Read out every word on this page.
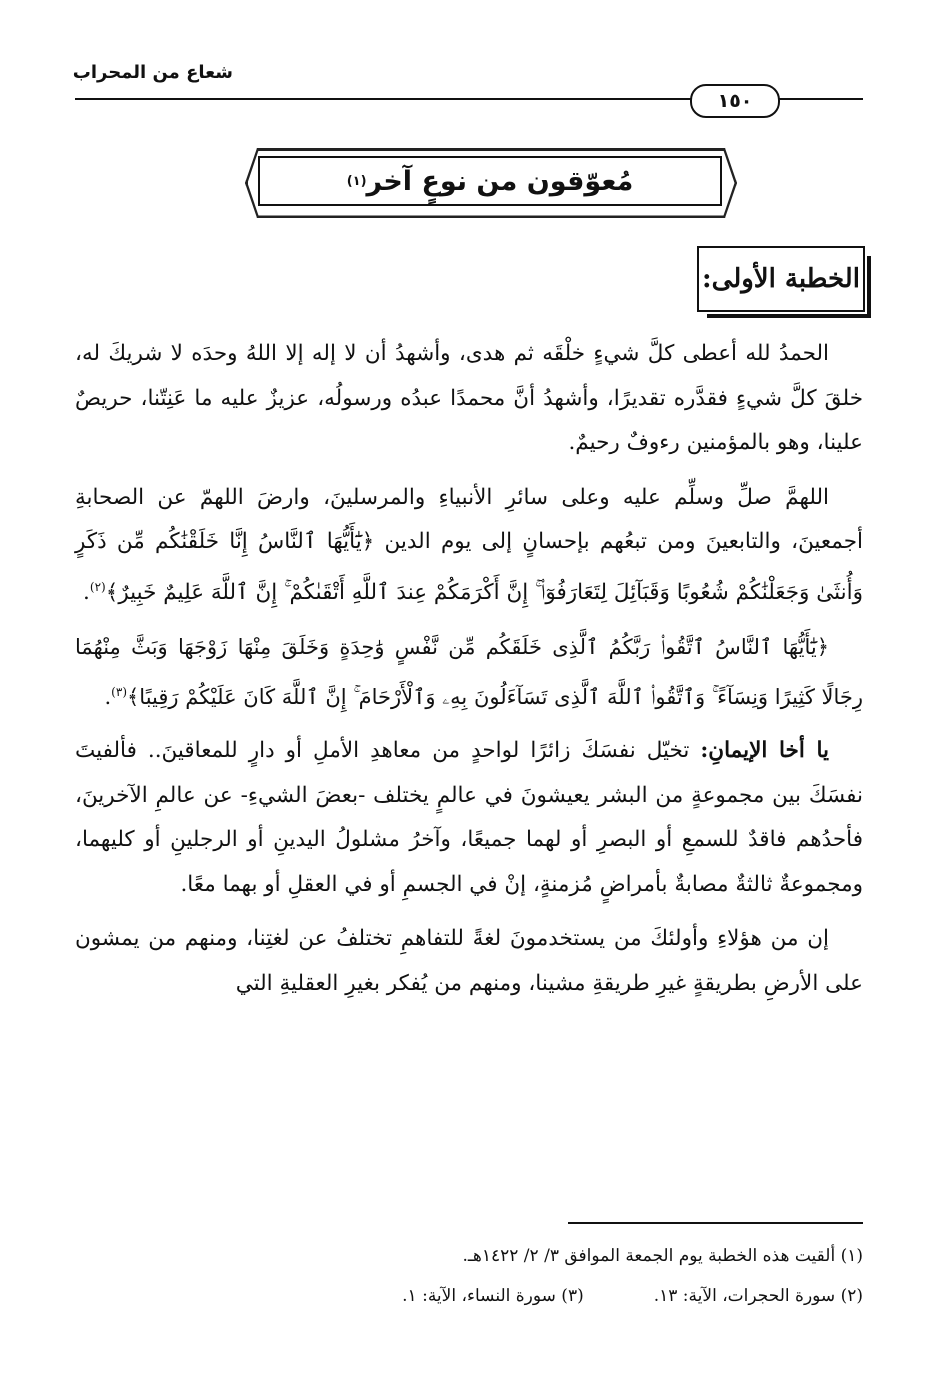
شعاع من المحراب
١٥٠
مُعوّقون من نوعٍ آخر
(١)
الخطبة الأولى:

الحمدُ لله أعطى كلَّ شيءٍ خلْقَه ثم هدى، وأشهدُ أن لا إله إلا اللهُ وحدَه لا شريكَ له، خلقَ كلَّ شيءٍ فقدَّره تقديرًا، وأشهدُ أنَّ محمدًا عبدُه ورسولُه، عزيزٌ عليه ما عَنِتّنا، حريصٌ علينا، وهو بالمؤمنين رءوفٌ رحيمٌ.

اللهمَّ صلِّ وسلِّم عليه وعلى سائرِ الأنبياءِ والمرسلينَ، وارضَ اللهمّ عن الصحابةِ أجمعينَ، والتابعينَ ومن تبعُهم بإحسانٍ إلى يوم الدين ﴿يَٰٓأَيُّهَا ٱلنَّاسُ إِنَّا خَلَقْنَٰكُم مِّن ذَكَرٍ وَأُنثَىٰ وَجَعَلْنَٰكُمْ شُعُوبًا وَقَبَآئِلَ لِتَعَارَفُوٓا۟ ۚ إِنَّ أَكْرَمَكُمْ عِندَ ٱللَّهِ أَتْقَىٰكُمْ ۚ إِنَّ ٱللَّهَ عَلِيمٌ خَبِيرٌ﴾$^{(٢)}$.

﴿يَٰٓأَيُّهَا ٱلنَّاسُ ٱتَّقُوا۟ رَبَّكُمُ ٱلَّذِى خَلَقَكُم مِّن نَّفْسٍ وَٰحِدَةٍ وَخَلَقَ مِنْهَا زَوْجَهَا وَبَثَّ مِنْهُمَا رِجَالًا كَثِيرًا وَنِسَآءً ۚ وَٱتَّقُوا۟ ٱللَّهَ ٱلَّذِى تَسَآءَلُونَ بِهِۦ وَٱلْأَرْحَامَ ۚ إِنَّ ٱللَّهَ كَانَ عَلَيْكُمْ رَقِيبًا﴾$^{(٣)}$.

يا أخا الإيمانِ: تخيّل نفسَكَ زائرًا لواحدٍ من معاهدِ الأملِ أو دارٍ للمعاقينَ.. فألفيتَ نفسَكَ بين مجموعةٍ من البشر يعيشونَ في عالمٍ يختلف -بعضَ الشيءِ- عن عالمِ الآخرينَ، فأحدُهم فاقدٌ للسمعِ أو البصرِ أو لهما جميعًا، وآخرُ مشلولُ اليدينِ أو الرجلينِ أو كليهما، ومجموعةٌ ثالثةٌ مصابةٌ بأمراضٍ مُزمنةٍ، إنْ في الجسمِ أو في العقلِ أو بهما معًا.

إن من هؤلاءِ وأولئكَ من يستخدمونَ لغةً للتفاهمِ تختلفُ عن لغتِنا، ومنهم من يمشون على الأرضِ بطريقةٍ غيرِ طريقةِ مشينا، ومنهم من يُفكر بغيرِ العقليةِ التي

(١) ألقيت هذه الخطبة يوم الجمعة الموافق ٣/ ٢/ ١٤٢٢هـ.
(٢) سورة الحجرات، الآية: ١٣.
(٣) سورة النساء، الآية: ١.
